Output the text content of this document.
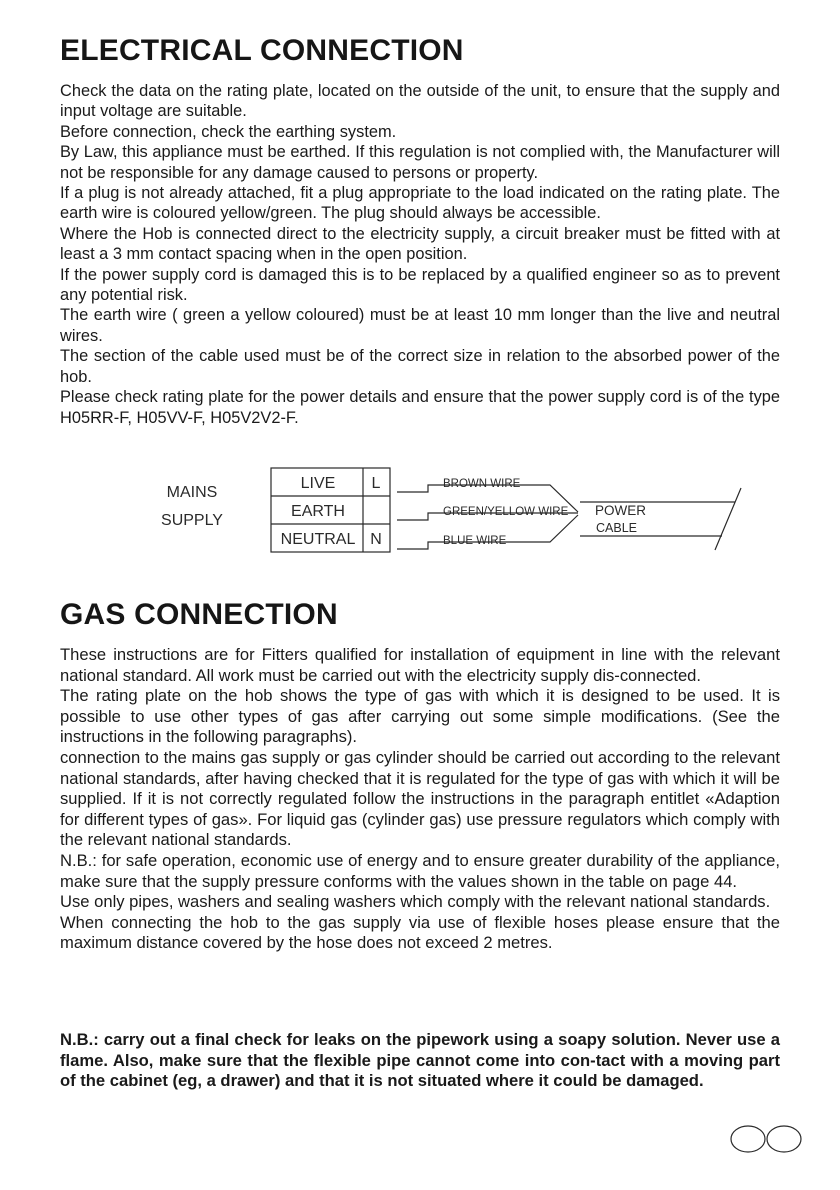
ELECTRICAL CONNECTION

Check the data on the rating plate, located on the outside of the unit, to ensure that the supply and input voltage are suitable.

Before connection, check the earthing system.

By Law, this appliance must be earthed. If this regulation is not complied with, the Manufacturer will not be responsible for any damage caused to persons or property.

If a plug is not already attached, fit a plug appropriate to the load indicated on the rating plate. The earth wire is coloured yellow/green. The plug should always be accessible.

Where the Hob is connected direct to the electricity supply, a circuit breaker must be fitted with at least a 3 mm contact spacing when in the open position.

If the power supply cord is damaged this is to be replaced by a qualified engineer so as to prevent any potential risk.

The earth wire ( green a yellow coloured) must be at least 10 mm longer than the live and neutral wires.

The section of the cable used must be of the correct size in relation to the absorbed power of the hob.

Please check rating plate for the power details and ensure that the power supply cord is of the type H05RR-F, H05VV-F, H05V2V2-F.

MAINS
SUPPLY
LIVE L
EARTH
NEUTRAL N
BROWN WIRE
GREEN/YELLOW WIRE
BLUE WIRE
POWER
CABLE
GAS CONNECTION

These instructions are for Fitters qualified for installation of equipment in line with the relevant national standard. All work must be carried out with the electricity supply dis-connected.

The rating plate on the hob shows the type of gas with which it is designed to be used. It is possible to use other types of gas after carrying out some simple modifications. (See the instructions in the following paragraphs).

connection to the mains gas supply or gas cylinder should be carried out according to the relevant national standards, after having checked that it is regulated for the type of gas with which it will be supplied. If it is not correctly regulated follow the instructions in the paragraph entitlet «Adaption for different types of gas». For liquid gas (cylinder gas) use pressure regulators which comply with the relevant national standards.

N.B.: for safe operation, economic use of energy and to ensure greater durability of the appliance, make sure that the supply pressure conforms with the values shown in the table on page 44.

Use only pipes, washers and sealing washers which comply with the relevant national standards.

When connecting the hob to the gas supply via use of flexible hoses please ensure that the maximum distance covered by the hose does not exceed 2 metres.

N.B.: carry out a final check for leaks on the pipework using a soapy solution. Never use a flame. Also, make sure that the flexible pipe cannot come into con-tact with a moving part of the cabinet (eg, a drawer) and that it is not situated where it could be damaged.
